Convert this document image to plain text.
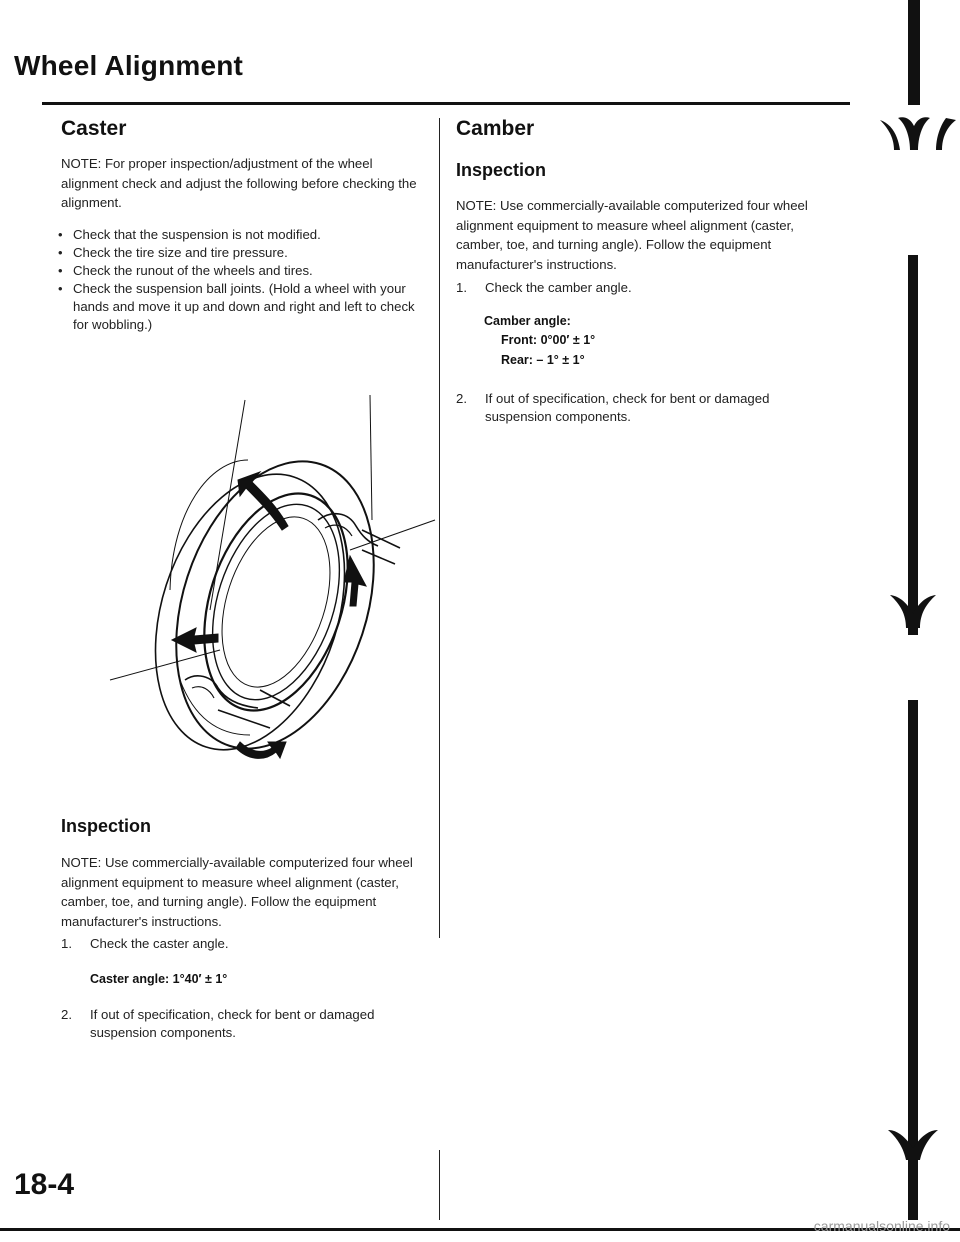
Wheel Alignment
Caster

NOTE: For proper inspection/adjustment of the wheel alignment check and adjust the following before checking the alignment.

• Check that the suspension is not modified.
• Check the tire size and tire pressure.
• Check the runout of the wheels and tires.
• Check the suspension ball joints. (Hold a wheel with your hands and move it up and down and right and left to check for wobbling.)
Inspection

NOTE: Use commercially-available computerized four wheel alignment equipment to measure wheel alignment (caster, camber, toe, and turning angle). Follow the equipment manufacturer's instructions.

1. Check the caster angle.
Caster angle: 1°40′ ± 1°
2. If out of specification, check for bent or damaged suspension components.
Camber
Inspection

NOTE: Use commercially-available computerized four wheel alignment equipment to measure wheel alignment (caster, camber, toe, and turning angle). Follow the equipment manufacturer's instructions.

1. Check the camber angle.
Camber angle:
Front: 0°00′ ± 1°
Rear: – 1° ± 1°
2. If out of specification, check for bent or damaged suspension components.
18-4
carmanualsonline.info
